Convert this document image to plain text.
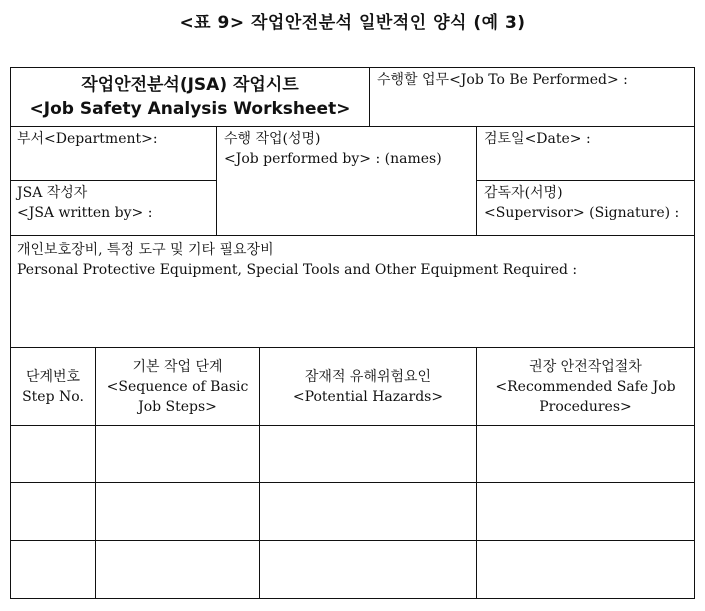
<표 9> 작업안전분석 일반적인 양식 (예 3)
작업안전분석(JSA) 작업시트
<Job Safety Analysis Worksheet>
수행할 업무<Job To Be Performed> :
부서<Department>:	수행 작업(성명)
<Job performed by> : (names)
검토일<Date> :
JSA 작성자
<JSA written by> :
감독자(서명)
<Supervisor> (Signature) :
개인보호장비, 특정 도구 및 기타 필요장비
Personal Protective Equipment, Special Tools and Other Equipment Required :
단계번호
Step No.
기본 작업 단계
<Sequence of Basic
Job Steps>
잠재적 유해위험요인
<Potential Hazards>
권장 안전작업절차
<Recommended Safe Job
Procedures>
